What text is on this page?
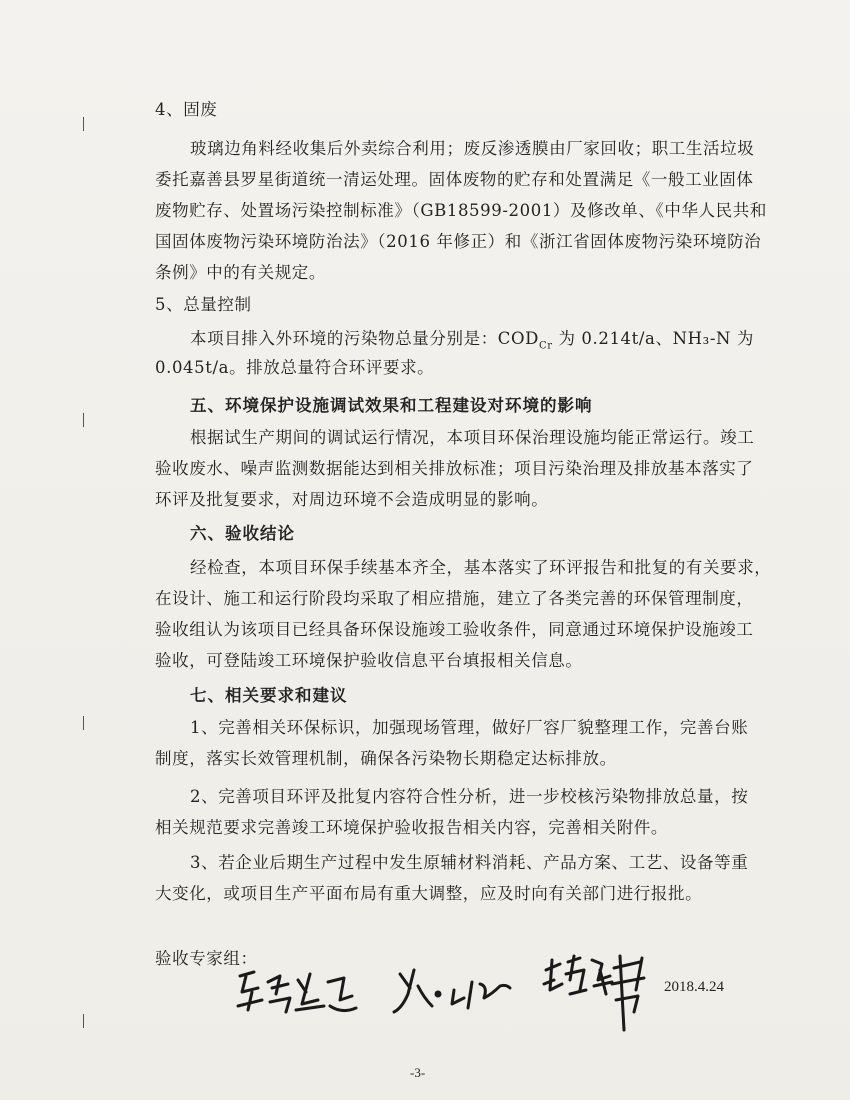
4、固废
玻璃边角料经收集后外卖综合利用；废反渗透膜由厂家回收；职工生活垃圾
委托嘉善县罗星街道统一清运处理。固体废物的贮存和处置满足《一般工业固体
废物贮存、处置场污染控制标准》（GB18599-2001）及修改单、《中华人民共和
国固体废物污染环境防治法》（2016 年修正）和《浙江省固体废物污染环境防治
条例》中的有关规定。
5、总量控制
本项目排入外环境的污染物总量分别是：$COD_{Cr}$ 为 0.214t/a、NH₃-N 为
0.045t/a。排放总量符合环评要求。
五、环境保护设施调试效果和工程建设对环境的影响
根据试生产期间的调试运行情况，本项目环保治理设施均能正常运行。竣工
验收废水、噪声监测数据能达到相关排放标准；项目污染治理及排放基本落实了
环评及批复要求，对周边环境不会造成明显的影响。
六、验收结论
经检查，本项目环保手续基本齐全，基本落实了环评报告和批复的有关要求，
在设计、施工和运行阶段均采取了相应措施，建立了各类完善的环保管理制度，
验收组认为该项目已经具备环保设施竣工验收条件，同意通过环境保护设施竣工
验收，可登陆竣工环境保护验收信息平台填报相关信息。
七、相关要求和建议
1、完善相关环保标识，加强现场管理，做好厂容厂貌整理工作，完善台账
制度，落实长效管理机制，确保各污染物长期稳定达标排放。
2、完善项目环评及批复内容符合性分析，进一步校核污染物排放总量，按
相关规范要求完善竣工环境保护验收报告相关内容，完善相关附件。
3、若企业后期生产过程中发生原辅材料消耗、产品方案、工艺、设备等重
大变化，或项目生产平面布局有重大调整，应及时向有关部门进行报批。
验收专家组：
2018.4.24
-3-
